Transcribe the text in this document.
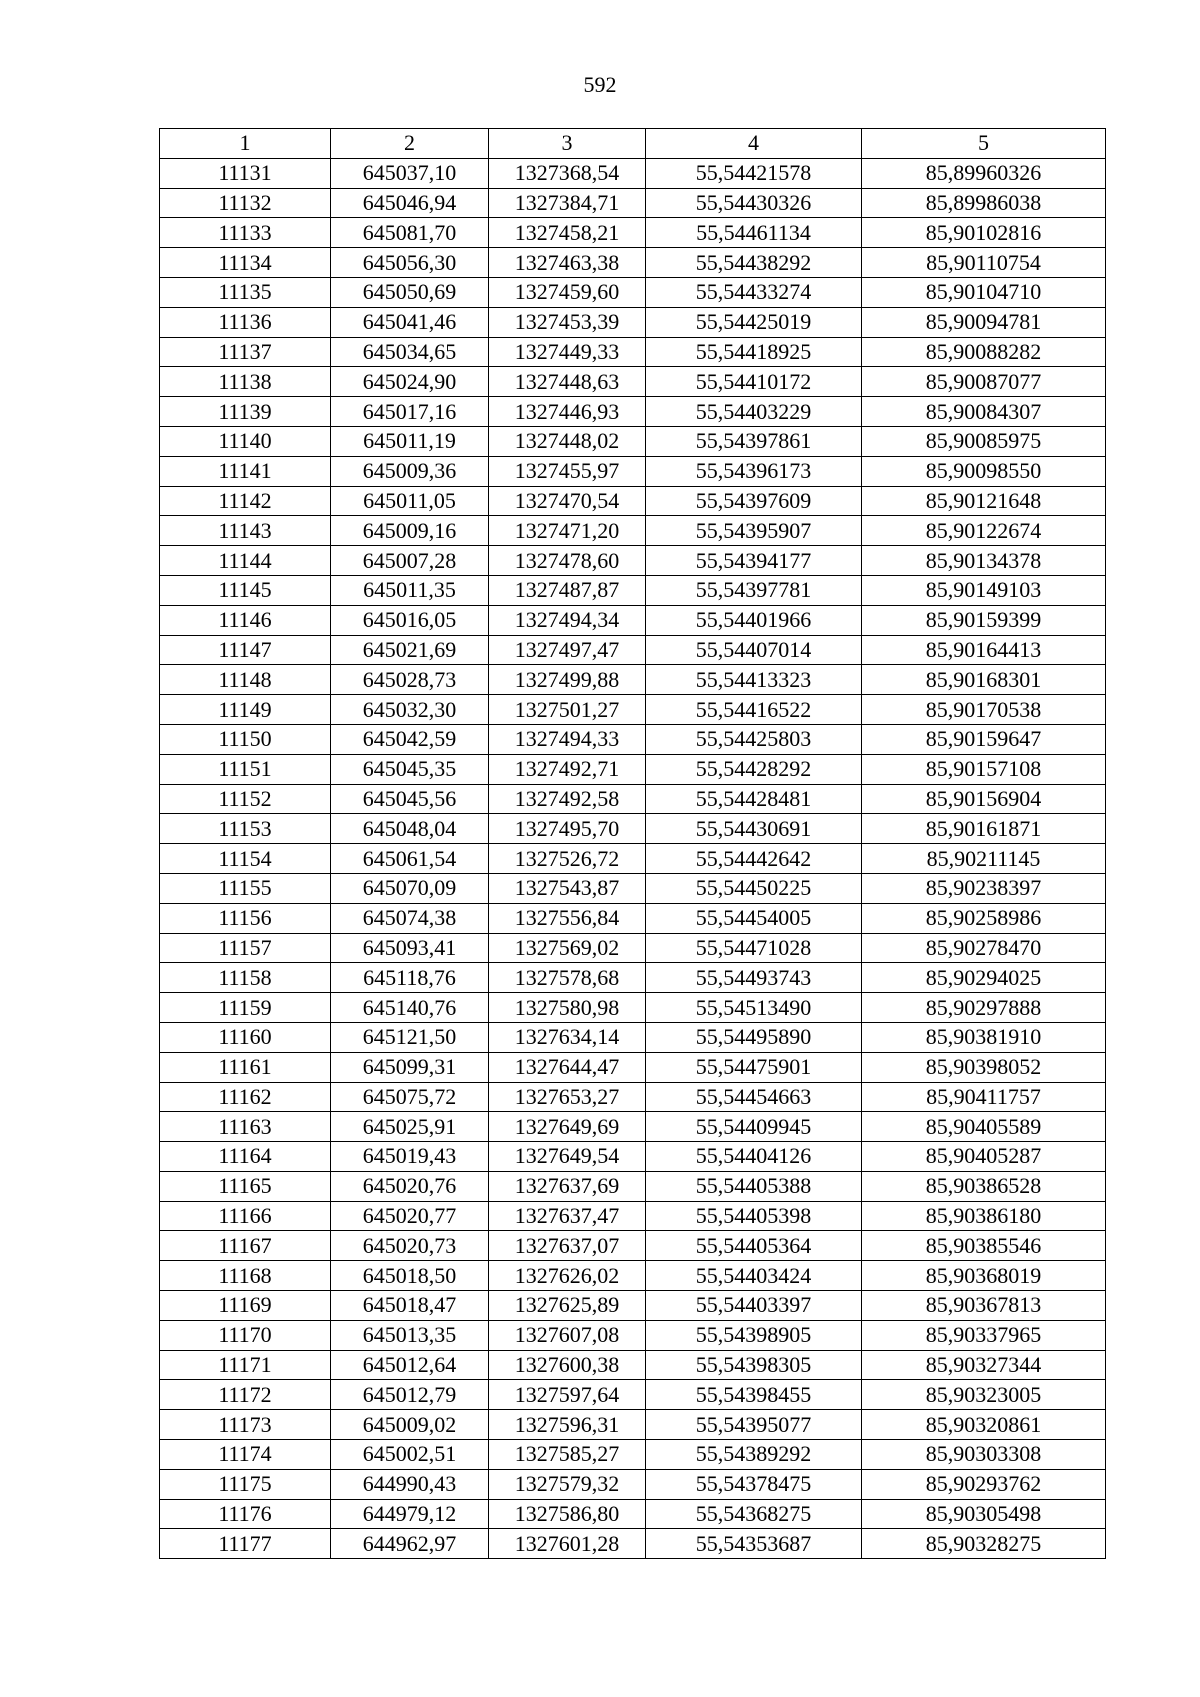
592
1	2	3	4	5
11131	645037,10	1327368,54	55,54421578	85,89960326
11132	645046,94	1327384,71	55,54430326	85,89986038
11133	645081,70	1327458,21	55,54461134	85,90102816
11134	645056,30	1327463,38	55,54438292	85,90110754
11135	645050,69	1327459,60	55,54433274	85,90104710
11136	645041,46	1327453,39	55,54425019	85,90094781
11137	645034,65	1327449,33	55,54418925	85,90088282
11138	645024,90	1327448,63	55,54410172	85,90087077
11139	645017,16	1327446,93	55,54403229	85,90084307
11140	645011,19	1327448,02	55,54397861	85,90085975
11141	645009,36	1327455,97	55,54396173	85,90098550
11142	645011,05	1327470,54	55,54397609	85,90121648
11143	645009,16	1327471,20	55,54395907	85,90122674
11144	645007,28	1327478,60	55,54394177	85,90134378
11145	645011,35	1327487,87	55,54397781	85,90149103
11146	645016,05	1327494,34	55,54401966	85,90159399
11147	645021,69	1327497,47	55,54407014	85,90164413
11148	645028,73	1327499,88	55,54413323	85,90168301
11149	645032,30	1327501,27	55,54416522	85,90170538
11150	645042,59	1327494,33	55,54425803	85,90159647
11151	645045,35	1327492,71	55,54428292	85,90157108
11152	645045,56	1327492,58	55,54428481	85,90156904
11153	645048,04	1327495,70	55,54430691	85,90161871
11154	645061,54	1327526,72	55,54442642	85,90211145
11155	645070,09	1327543,87	55,54450225	85,90238397
11156	645074,38	1327556,84	55,54454005	85,90258986
11157	645093,41	1327569,02	55,54471028	85,90278470
11158	645118,76	1327578,68	55,54493743	85,90294025
11159	645140,76	1327580,98	55,54513490	85,90297888
11160	645121,50	1327634,14	55,54495890	85,90381910
11161	645099,31	1327644,47	55,54475901	85,90398052
11162	645075,72	1327653,27	55,54454663	85,90411757
11163	645025,91	1327649,69	55,54409945	85,90405589
11164	645019,43	1327649,54	55,54404126	85,90405287
11165	645020,76	1327637,69	55,54405388	85,90386528
11166	645020,77	1327637,47	55,54405398	85,90386180
11167	645020,73	1327637,07	55,54405364	85,90385546
11168	645018,50	1327626,02	55,54403424	85,90368019
11169	645018,47	1327625,89	55,54403397	85,90367813
11170	645013,35	1327607,08	55,54398905	85,90337965
11171	645012,64	1327600,38	55,54398305	85,90327344
11172	645012,79	1327597,64	55,54398455	85,90323005
11173	645009,02	1327596,31	55,54395077	85,90320861
11174	645002,51	1327585,27	55,54389292	85,90303308
11175	644990,43	1327579,32	55,54378475	85,90293762
11176	644979,12	1327586,80	55,54368275	85,90305498
11177	644962,97	1327601,28	55,54353687	85,90328275
